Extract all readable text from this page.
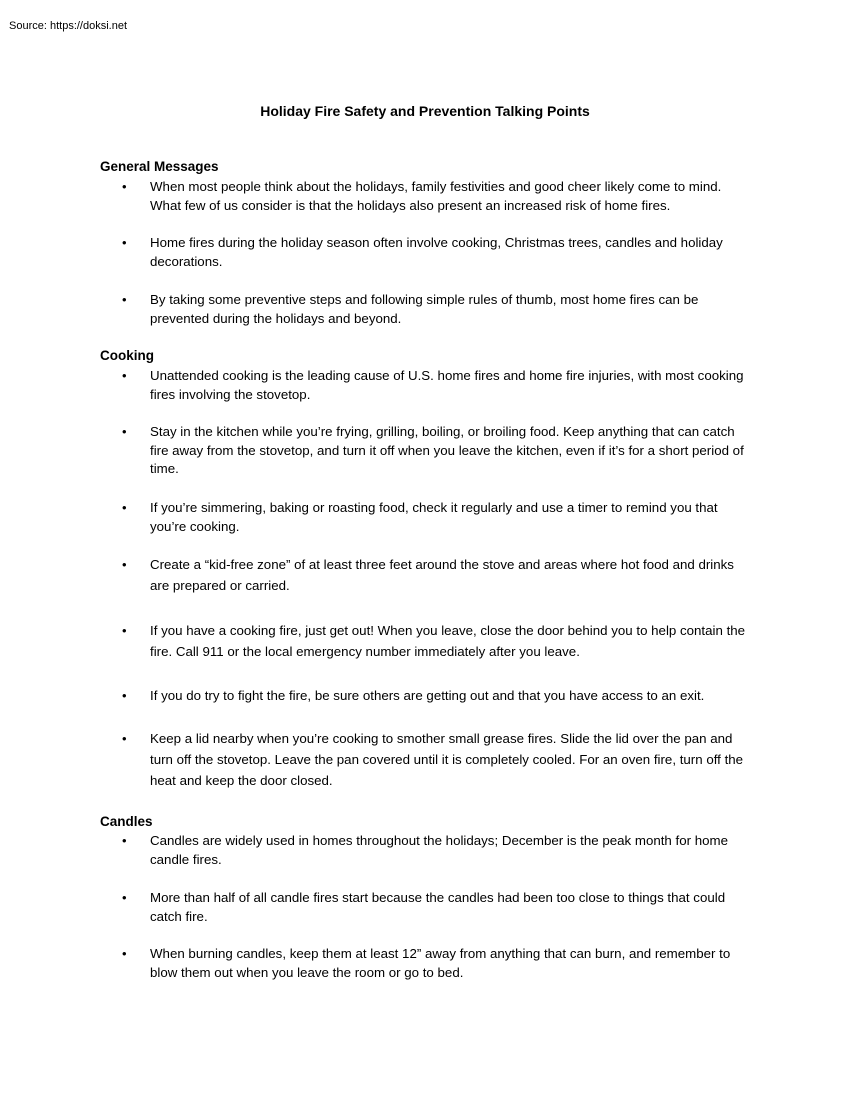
Source: https://doksi.net
Holiday Fire Safety and Prevention Talking Points
General Messages
•	When most people think about the holidays, family festivities and good cheer likely come to mind. What few of us consider is that the holidays also present an increased risk of home fires.
•	Home fires during the holiday season often involve cooking, Christmas trees, candles and holiday decorations.
•	By taking some preventive steps and following simple rules of thumb, most home fires can be prevented during the holidays and beyond.
Cooking
•	Unattended cooking is the leading cause of U.S. home fires and home fire injuries, with most cooking fires involving the stovetop.
•	Stay in the kitchen while you’re frying, grilling, boiling, or broiling food. Keep anything that can catch fire away from the stovetop, and turn it off when you leave the kitchen, even if it’s for a short period of time.
•	If you’re simmering, baking or roasting food, check it regularly and use a timer to remind you that you’re cooking.
•	Create a “kid-free zone” of at least three feet around the stove and areas where hot food and drinks are prepared or carried.
•	If you have a cooking fire, just get out! When you leave, close the door behind you to help contain the fire. Call 911 or the local emergency number immediately after you leave.
•	If you do try to fight the fire, be sure others are getting out and that you have access to an exit.
•	Keep a lid nearby when you’re cooking to smother small grease fires. Slide the lid over the pan and turn off the stovetop. Leave the pan covered until it is completely cooled. For an oven fire, turn off the heat and keep the door closed.
Candles
•	Candles are widely used in homes throughout the holidays; December is the peak month for home candle fires.
•	More than half of all candle fires start because the candles had been too close to things that could catch fire.
•	When burning candles, keep them at least 12” away from anything that can burn, and remember to blow them out when you leave the room or go to bed.
